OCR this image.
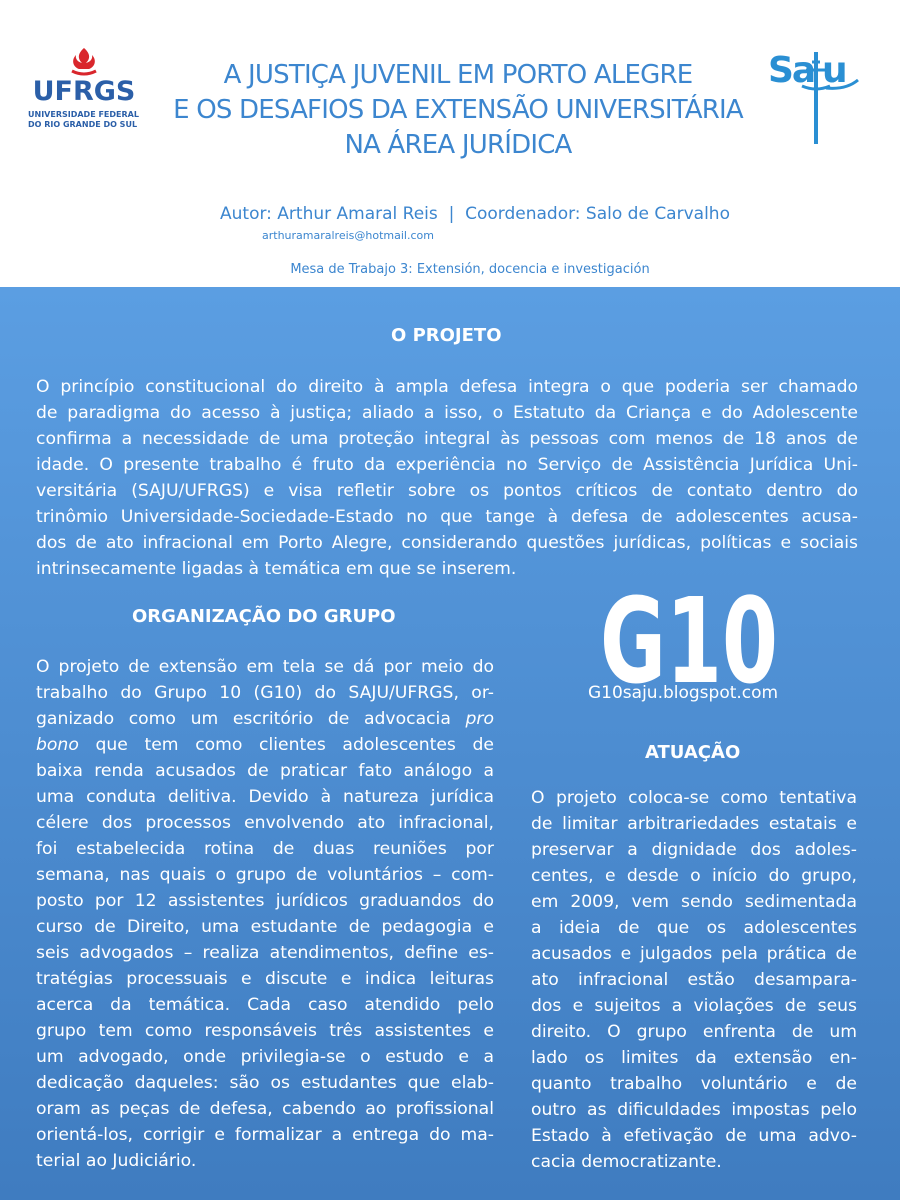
UFRGS
UNIVERSIDADE FEDERAL
DO RIO GRANDE DO SUL
A JUSTIÇA JUVENIL EM PORTO ALEGRE
E OS DESAFIOS DA EXTENSÃO UNIVERSITÁRIA
NA ÁREA JURÍDICA
Sa u
Autor: Arthur Amaral Reis  |  Coordenador: Salo de Carvalho
arthuramaralreis@hotmail.com
Mesa de Trabajo 3: Extensión, docencia e investigación
O PROJETO
O princípio constitucional do direito à ampla defesa integra o que poderia ser chamado
de paradigma do acesso à justiça; aliado a isso, o Estatuto da Criança e do Adolescente
confirma a necessidade de uma proteção integral às pessoas com menos de 18 anos de
idade. O presente trabalho é fruto da experiência no Serviço de Assistência Jurídica Uni-
versitária (SAJU/UFRGS) e visa refletir sobre os pontos críticos de contato dentro do
trinômio Universidade-Sociedade-Estado no que tange à defesa de adolescentes acusa-
dos de ato infracional em Porto Alegre, considerando questões jurídicas, políticas e sociais
intrinsecamente ligadas à temática em que se inserem.
ORGANIZAÇÃO DO GRUPO
O projeto de extensão em tela se dá por meio do
trabalho do Grupo 10 (G10) do SAJU/UFRGS, or-
ganizado como um escritório de advocacia pro
bono que tem como clientes adolescentes de
baixa renda acusados de praticar fato análogo a
uma conduta delitiva. Devido à natureza jurídica
célere dos processos envolvendo ato infracional,
foi estabelecida rotina de duas reuniões por
semana, nas quais o grupo de voluntários – com-
posto por 12 assistentes jurídicos graduandos do
curso de Direito, uma estudante de pedagogia e
seis advogados – realiza atendimentos, define es-
tratégias processuais e discute e indica leituras
acerca da temática. Cada caso atendido pelo
grupo tem como responsáveis três assistentes e
um advogado, onde privilegia-se o estudo e a
dedicação daqueles: são os estudantes que elab-
oram as peças de defesa, cabendo ao profissional
orientá-los, corrigir e formalizar a entrega do ma-
terial ao Judiciário.
G10
G10saju.blogspot.com
ATUAÇÃO
O projeto coloca-se como tentativa
de limitar arbitrariedades estatais e
preservar a dignidade dos adoles-
centes, e desde o início do grupo,
em 2009, vem sendo sedimentada
a ideia de que os adolescentes
acusados e julgados pela prática de
ato infracional estão desampara-
dos e sujeitos a violações de seus
direito. O grupo enfrenta de um
lado os limites da extensão en-
quanto trabalho voluntário e de
outro as dificuldades impostas pelo
Estado à efetivação de uma advo-
cacia democratizante.
